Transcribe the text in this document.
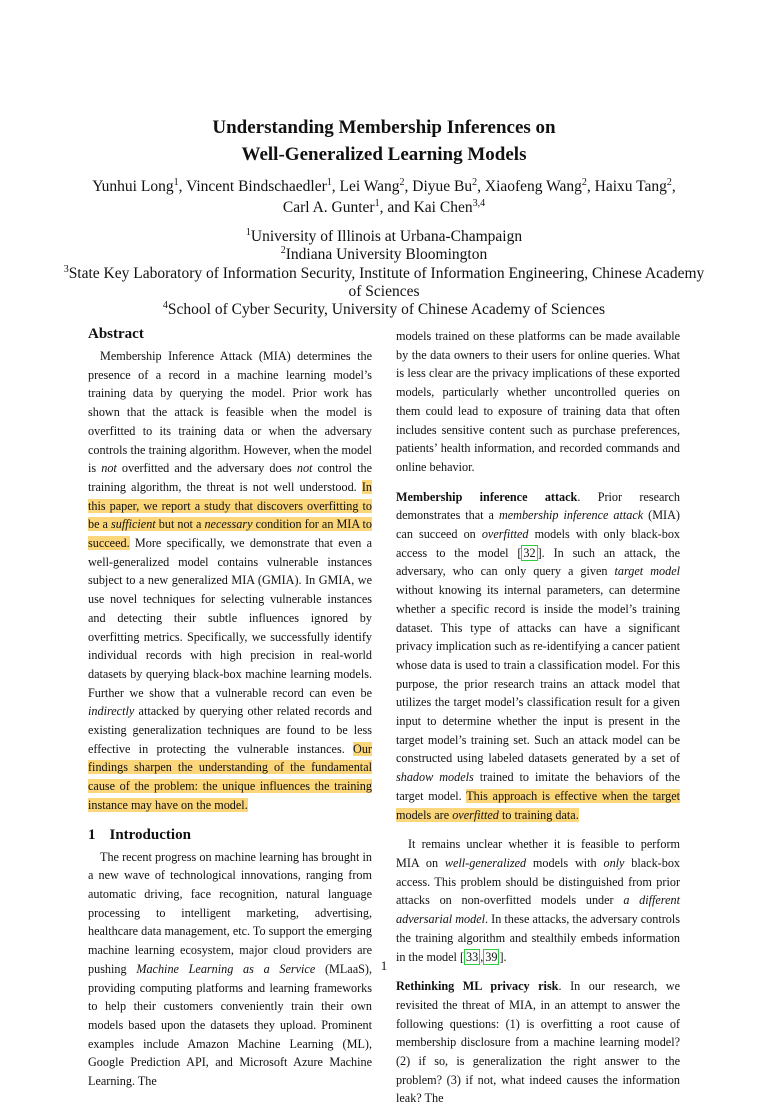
Understanding Membership Inferences on
Well-Generalized Learning Models
Yunhui Long$^1$, Vincent Bindschaedler$^1$, Lei Wang$^2$, Diyue Bu$^2$, Xiaofeng Wang$^2$, Haixu Tang$^2$,
Carl A. Gunter$^1$, and Kai Chen$^{3,4}$
$^1$University of Illinois at Urbana-Champaign
$^2$Indiana University Bloomington
$^3$State Key Laboratory of Information Security, Institute of Information Engineering, Chinese Academy of Sciences
$^4$School of Cyber Security, University of Chinese Academy of Sciences
Abstract

Membership Inference Attack (MIA) determines the presence of a record in a machine learning model’s training data by querying the model. Prior work has shown that the attack is feasible when the model is overfitted to its training data or when the adversary controls the training algorithm. However, when the model is not overfitted and the adversary does not control the training algorithm, the threat is not well understood. In this paper, we report a study that discovers overfitting to be a sufficient but not a necessary condition for an MIA to succeed. More specifically, we demonstrate that even a well-generalized model contains vulnerable instances subject to a new generalized MIA (GMIA). In GMIA, we use novel techniques for selecting vulnerable instances and detecting their subtle influences ignored by overfitting metrics. Specifically, we successfully identify individual records with high precision in real-world datasets by querying black-box machine learning models. Further we show that a vulnerable record can even be indirectly attacked by querying other related records and existing generalization techniques are found to be less effective in protecting the vulnerable instances. Our findings sharpen the understanding of the fundamental cause of the problem: the unique influences the training instance may have on the model.

1 Introduction

The recent progress on machine learning has brought in a new wave of technological innovations, ranging from automatic driving, face recognition, natural language processing to intelligent marketing, advertising, healthcare data management, etc. To support the emerging machine learning ecosystem, major cloud providers are pushing Machine Learning as a Service (MLaaS), providing computing platforms and learning frameworks to help their customers conveniently train their own models based upon the datasets they upload. Prominent examples include Amazon Machine Learning (ML), Google Prediction API, and Microsoft Azure Machine Learning. The

models trained on these platforms can be made available by the data owners to their users for online queries. What is less clear are the privacy implications of these exported models, particularly whether uncontrolled queries on them could lead to exposure of training data that often includes sensitive content such as purchase preferences, patients’ health information, and recorded commands and online behavior.

Membership inference attack. Prior research demonstrates that a membership inference attack (MIA) can succeed on overfitted models with only black-box access to the model [ 32 ]. In such an attack, the adversary, who can only query a given target model without knowing its internal parameters, can determine whether a specific record is inside the model’s training dataset. This type of attacks can have a significant privacy implication such as re-identifying a cancer patient whose data is used to train a classification model. For this purpose, the prior research trains an attack model that utilizes the target model’s classification result for a given input to determine whether the input is present in the target model’s training set. Such an attack model can be constructed using labeled datasets generated by a set of shadow models trained to imitate the behaviors of the target model. This approach is effective when the target models are overfitted to training data.

It remains unclear whether it is feasible to perform MIA on well-generalized models with only black-box access. This problem should be distinguished from prior attacks on non-overfitted models under a different adversarial model. In these attacks, the adversary controls the training algorithm and stealthily embeds information in the model [ 33 , 39 ].

Rethinking ML privacy risk. In our research, we revisited the threat of MIA, in an attempt to answer the following questions: (1) is overfitting a root cause of membership disclosure from a machine learning model? (2) if so, is generalization the right answer to the problem? (3) if not, what indeed causes the information leak? The

1
